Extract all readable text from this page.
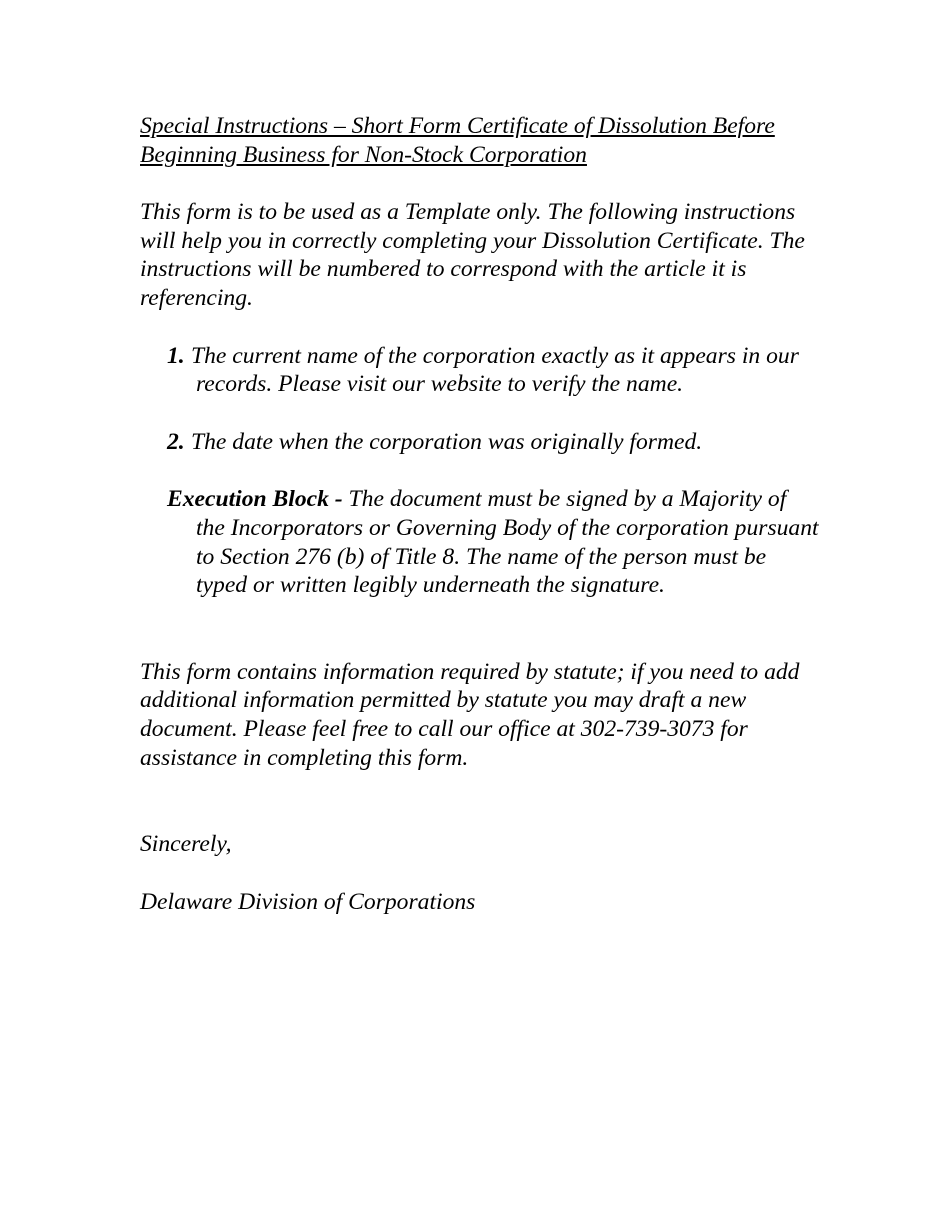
Special Instructions – Short Form Certificate of Dissolution Before
Beginning Business for Non-Stock Corporation
This form is to be used as a Template only. The following instructions will help you in correctly completing your Dissolution Certificate. The instructions will be numbered to correspond with the article it is referencing.
1. The current name of the corporation exactly as it appears in our records. Please visit our website to verify the name.
2. The date when the corporation was originally formed.
Execution Block - The document must be signed by a Majority of the Incorporators or Governing Body of the corporation pursuant to Section 276 (b) of Title 8. The name of the person must be typed or written legibly underneath the signature.
This form contains information required by statute; if you need to add additional information permitted by statute you may draft a new document. Please feel free to call our office at 302-739-3073 for assistance in completing this form.
Sincerely,
Delaware Division of Corporations
